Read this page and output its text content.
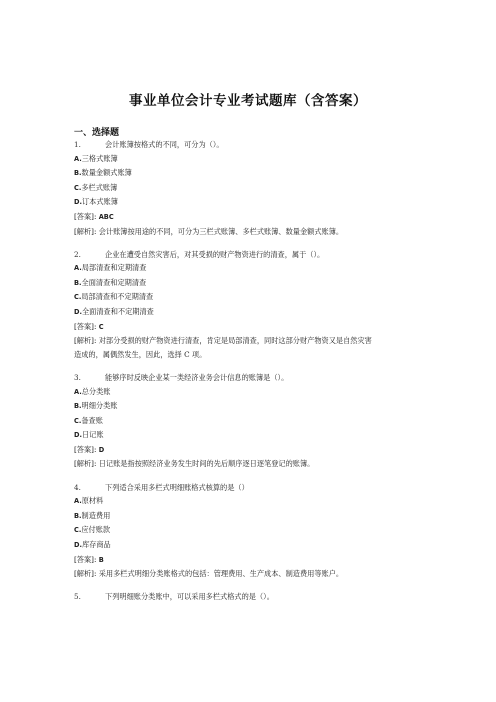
事业单位会计专业考试题库（含答案）
一、选择题
1.	会计账簿按格式的不同，可分为（）。
A.三格式账簿
B.数量金额式账簿
C.多栏式账簿
D.订本式账簿
[答案]: ABC
[解析]: 会计账簿按用途的不同，可分为三栏式账簿、多栏式账簿、数量金额式账簿。
2.	企业在遭受自然灾害后，对其受损的财产物资进行的清查，属于（）。
A.局部清查和定期清查
B.全面清查和定期清查
C.局部清查和不定期清查
D.全面清查和不定期清查
[答案]: C
[解析]: 对部分受损的财产物资进行清查，肯定是局部清查，同时这部分财产物资又是自然灾害造成的，属偶然发生，因此，选择 C 项。
3.	能够序时反映企业某一类经济业务会计信息的账簿是（）。
A.总分类账
B.明细分类账
C.备查账
D.日记账
[答案]: D
[解析]: 日记账是指按照经济业务发生时间的先后顺序逐日逐笔登记的账簿。
4.	下列适合采用多栏式明细账格式核算的是（）
A.原材料
B.制造费用
C.应付账款
D.库存商品
[答案]: B
[解析]: 采用多栏式明细分类账格式的包括：管理费用、生产成本、制造费用等账户。
5.	下列明细账分类账中，可以采用多栏式格式的是（）。
